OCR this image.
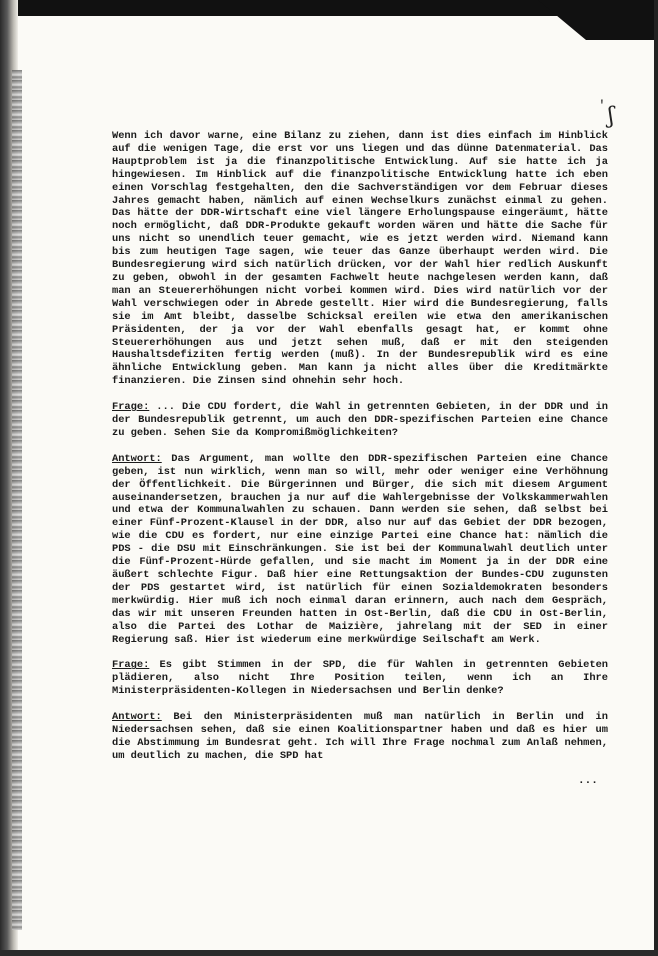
' ʃ

Wenn ich davor warne, eine Bilanz zu ziehen, dann ist dies einfach im Hinblick auf die wenigen Tage, die erst vor uns liegen und das dünne Datenmaterial. Das Hauptproblem ist ja die finanzpolitische Entwicklung. Auf sie hatte ich ja hingewiesen. Im Hinblick auf die finanzpolitische Entwicklung hatte ich eben einen Vorschlag festgehalten, den die Sachverständigen vor dem Februar dieses Jahres gemacht haben, nämlich auf einen Wechselkurs zunächst einmal zu gehen. Das hätte der DDR-Wirtschaft eine viel längere Erholungspause eingeräumt, hätte noch ermöglicht, daß DDR-Produkte gekauft worden wären und hätte die Sache für uns nicht so unendlich teuer gemacht, wie es jetzt werden wird. Niemand kann bis zum heutigen Tage sagen, wie teuer das Ganze überhaupt werden wird. Die Bundesregierung wird sich natürlich drücken, vor der Wahl hier redlich Auskunft zu geben, obwohl in der gesamten Fachwelt heute nachgelesen werden kann, daß man an Steuererhöhungen nicht vorbei kommen wird. Dies wird natürlich vor der Wahl verschwiegen oder in Abrede gestellt. Hier wird die Bundesregierung, falls sie im Amt bleibt, dasselbe Schicksal ereilen wie etwa den amerikanischen Präsidenten, der ja vor der Wahl ebenfalls gesagt hat, er kommt ohne Steuererhöhungen aus und jetzt sehen muß, daß er mit den steigenden Haushaltsdefiziten fertig werden (muß). In der Bundesrepublik wird es eine ähnliche Entwicklung geben. Man kann ja nicht alles über die Kreditmärkte finanzieren. Die Zinsen sind ohnehin sehr hoch.

Frage: ... Die CDU fordert, die Wahl in getrennten Gebieten, in der DDR und in der Bundesrepublik getrennt, um auch den DDR-spezifischen Parteien eine Chance zu geben. Sehen Sie da Kompromißmöglichkeiten?

Antwort: Das Argument, man wollte den DDR-spezifischen Parteien eine Chance geben, ist nun wirklich, wenn man so will, mehr oder weniger eine Verhöhnung der Öffentlichkeit. Die Bürgerinnen und Bürger, die sich mit diesem Argument auseinandersetzen, brauchen ja nur auf die Wahlergebnisse der Volkskammerwahlen und etwa der Kommunalwahlen zu schauen. Dann werden sie sehen, daß selbst bei einer Fünf-Prozent-Klausel in der DDR, also nur auf das Gebiet der DDR bezogen, wie die CDU es fordert, nur eine einzige Partei eine Chance hat: nämlich die PDS - die DSU mit Einschränkungen. Sie ist bei der Kommunalwahl deutlich unter die Fünf-Prozent-Hürde gefallen, und sie macht im Moment ja in der DDR eine äußert schlechte Figur. Daß hier eine Rettungsaktion der Bundes-CDU zugunsten der PDS gestartet wird, ist natürlich für einen Sozialdemokraten besonders merkwürdig. Hier muß ich noch einmal daran erinnern, auch nach dem Gespräch, das wir mit unseren Freunden hatten in Ost-Berlin, daß die CDU in Ost-Berlin, also die Partei des Lothar de Maizière, jahrelang mit der SED in einer Regierung saß. Hier ist wiederum eine merkwürdige Seilschaft am Werk.

Frage: Es gibt Stimmen in der SPD, die für Wahlen in getrennten Gebieten plädieren, also nicht Ihre Position teilen, wenn ich an Ihre Ministerpräsidenten-Kollegen in Niedersachsen und Berlin denke?

Antwort: Bei den Ministerpräsidenten muß man natürlich in Berlin und in Niedersachsen sehen, daß sie einen Koalitionspartner haben und daß es hier um die Abstimmung im Bundesrat geht. Ich will Ihre Frage nochmal zum Anlaß nehmen, um deutlich zu machen, die SPD hat

...
